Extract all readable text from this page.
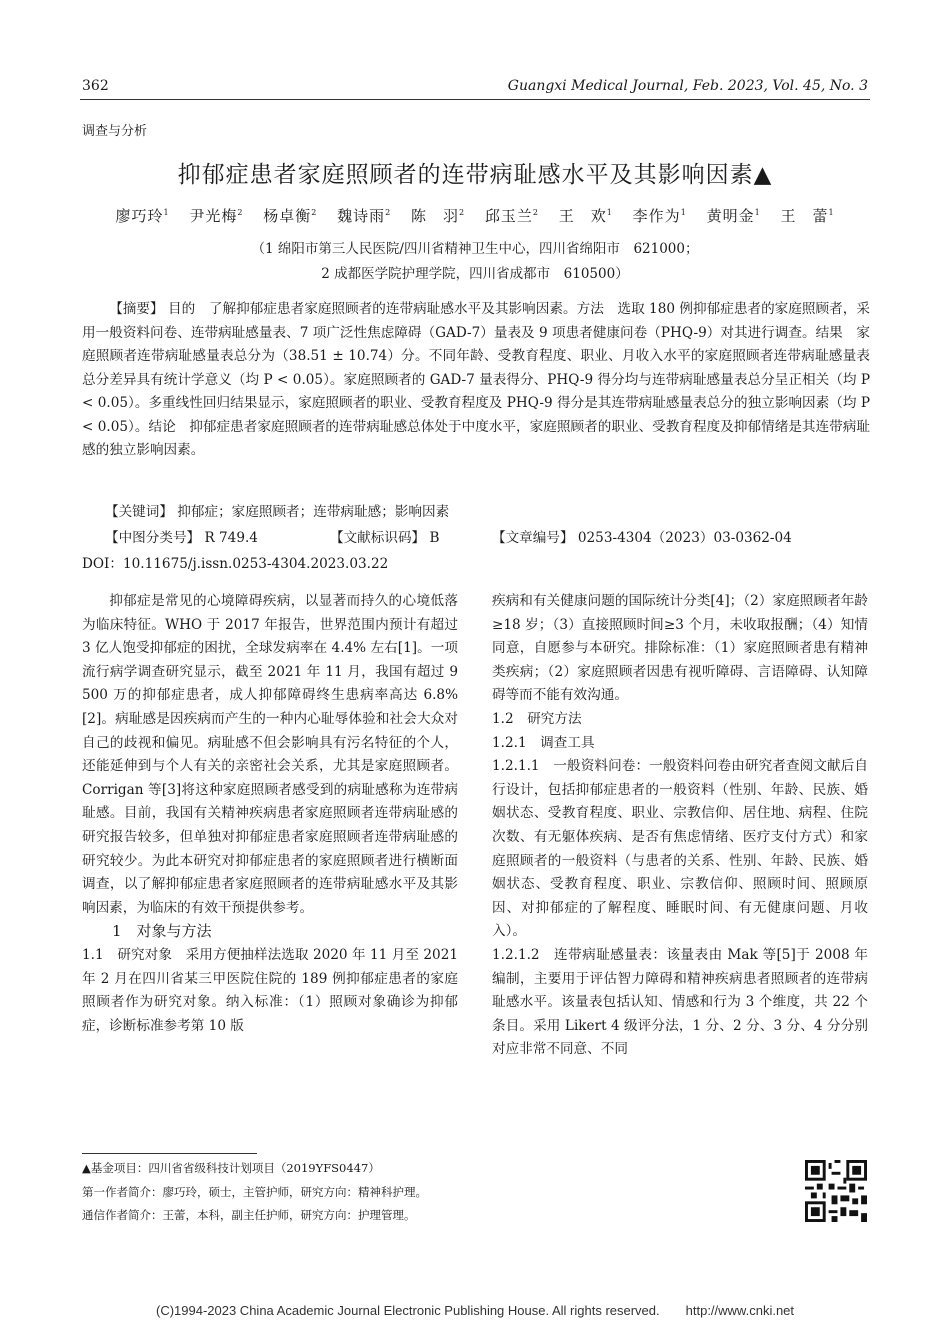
362	Guangxi Medical Journal, Feb. 2023, Vol. 45, No. 3
调查与分析
抑郁症患者家庭照顾者的连带病耻感水平及其影响因素▲
廖巧玲$^1$ 尹光梅$^2$ 杨卓衡$^2$ 魏诗雨$^2$ 陈　羽$^2$ 邱玉兰$^2$ 王　欢$^1$ 李作为$^1$ 黄明金$^1$ 王　蕾$^1$
（1 绵阳市第三人民医院/四川省精神卫生中心，四川省绵阳市　621000；
2 成都医学院护理学院，四川省成都市　610500）
【摘要】 目的　了解抑郁症患者家庭照顾者的连带病耻感水平及其影响因素。方法　选取 180 例抑郁症患者的家庭照顾者，采用一般资料问卷、连带病耻感量表、7 项广泛性焦虑障碍（GAD-7）量表及 9 项患者健康问卷（PHQ-9）对其进行调查。结果　家庭照顾者连带病耻感量表总分为（38.51 ± 10.74）分。不同年龄、受教育程度、职业、月收入水平的家庭照顾者连带病耻感量表总分差异具有统计学意义（均 P < 0.05）。家庭照顾者的 GAD-7 量表得分、PHQ-9 得分均与连带病耻感量表总分呈正相关（均 P < 0.05）。多重线性回归结果显示，家庭照顾者的职业、受教育程度及 PHQ-9 得分是其连带病耻感量表总分的独立影响因素（均 P < 0.05）。结论　抑郁症患者家庭照顾者的连带病耻感总体处于中度水平，家庭照顾者的职业、受教育程度及抑郁情绪是其连带病耻感的独立影响因素。
【关键词】 抑郁症；家庭照顾者；连带病耻感；影响因素
【中图分类号】 R 749.4	【文献标识码】 B	【文章编号】 0253-4304（2023）03-0362-04
DOI：10.11675/j.issn.0253-4304.2023.03.22

抑郁症是常见的心境障碍疾病，以显著而持久的心境低落为临床特征。WHO 于 2017 年报告，世界范围内预计有超过 3 亿人饱受抑郁症的困扰，全球发病率在 4.4% 左右[1]。一项流行病学调查研究显示，截至 2021 年 11 月，我国有超过 9 500 万的抑郁症患者，成人抑郁障碍终生患病率高达 6.8%[2]。病耻感是因疾病而产生的一种内心耻辱体验和社会大众对自己的歧视和偏见。病耻感不但会影响具有污名特征的个人，还能延伸到与个人有关的亲密社会关系，尤其是家庭照顾者。Corrigan 等[3]将这种家庭照顾者感受到的病耻感称为连带病耻感。目前，我国有关精神疾病患者家庭照顾者连带病耻感的研究报告较多，但单独对抑郁症患者家庭照顾者连带病耻感的研究较少。为此本研究对抑郁症患者的家庭照顾者进行横断面调查，以了解抑郁症患者家庭照顾者的连带病耻感水平及其影响因素，为临床的有效干预提供参考。

1　对象与方法

1.1　研究对象　采用方便抽样法选取 2020 年 11 月至 2021 年 2 月在四川省某三甲医院住院的 189 例抑郁症患者的家庭照顾者作为研究对象。纳入标准：（1）照顾对象确诊为抑郁症，诊断标准参考第 10 版

疾病和有关健康问题的国际统计分类[4]；（2）家庭照顾者年龄≥18 岁；（3）直接照顾时间≥3 个月，未收取报酬；（4）知情同意，自愿参与本研究。排除标准：（1）家庭照顾者患有精神类疾病；（2）家庭照顾者因患有视听障碍、言语障碍、认知障碍等而不能有效沟通。

1.2　研究方法

1.2.1　调查工具

1.2.1.1　一般资料问卷：一般资料问卷由研究者查阅文献后自行设计，包括抑郁症患者的一般资料（性别、年龄、民族、婚姻状态、受教育程度、职业、宗教信仰、居住地、病程、住院次数、有无躯体疾病、是否有焦虑情绪、医疗支付方式）和家庭照顾者的一般资料（与患者的关系、性别、年龄、民族、婚姻状态、受教育程度、职业、宗教信仰、照顾时间、照顾原因、对抑郁症的了解程度、睡眠时间、有无健康问题、月收入）。

1.2.1.2　连带病耻感量表：该量表由 Mak 等[5]于 2008 年编制，主要用于评估智力障碍和精神疾病患者照顾者的连带病耻感水平。该量表包括认知、情感和行为 3 个维度，共 22 个条目。采用 Likert 4 级评分法，1 分、2 分、3 分、4 分分别对应非常不同意、不同

▲基金项目：四川省省级科技计划项目（2019YFS0447）
第一作者简介：廖巧玲，硕士，主管护师，研究方向：精神科护理。
通信作者简介：王蕾，本科，副主任护师，研究方向：护理管理。
(C)1994-2023 China Academic Journal Electronic Publishing House. All rights reserved.　　http://www.cnki.net
